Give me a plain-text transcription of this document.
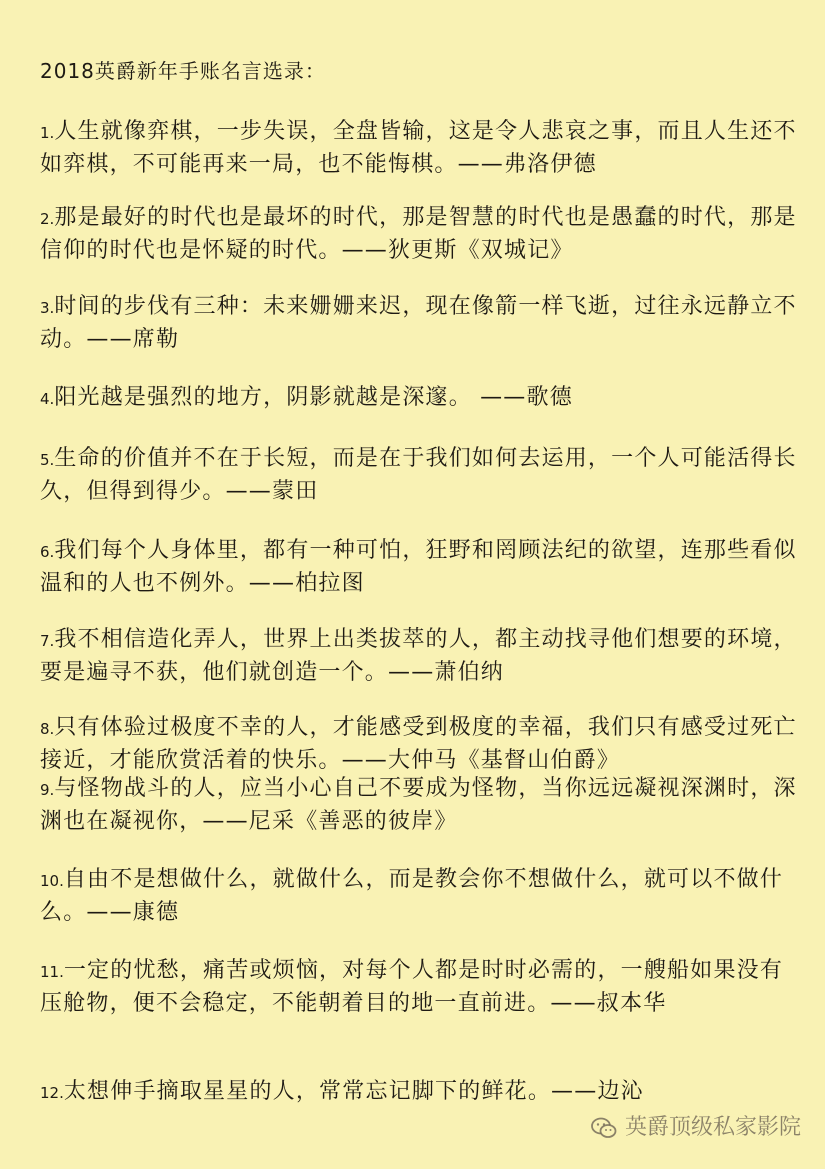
2018英爵新年手账名言选录：
1.人生就像弈棋，一步失误，全盘皆输，这是令人悲哀之事，而且人生还不如弈棋，不可能再来一局，也不能悔棋。——弗洛伊德
2.那是最好的时代也是最坏的时代，那是智慧的时代也是愚蠢的时代，那是信仰的时代也是怀疑的时代。——狄更斯《双城记》
3.时间的步伐有三种：未来姗姗来迟，现在像箭一样飞逝，过往永远静立不动。——席勒
4.阳光越是强烈的地方，阴影就越是深邃。 ——歌德
5.生命的价值并不在于长短，而是在于我们如何去运用，一个人可能活得长久，但得到得少。——蒙田
6.我们每个人身体里，都有一种可怕，狂野和罔顾法纪的欲望，连那些看似温和的人也不例外。——柏拉图
7.我不相信造化弄人，世界上出类拔萃的人，都主动找寻他们想要的环境，要是遍寻不获，他们就创造一个。——萧伯纳
8.只有体验过极度不幸的人，才能感受到极度的幸福，我们只有感受过死亡接近，才能欣赏活着的快乐。——大仲马《基督山伯爵》
9.与怪物战斗的人，应当小心自己不要成为怪物，当你远远凝视深渊时，深渊也在凝视你，——尼采《善恶的彼岸》
10.自由不是想做什么，就做什么，而是教会你不想做什么，就可以不做什么。——康德
11.一定的忧愁，痛苦或烦恼，对每个人都是时时必需的，一艘船如果没有压舱物，便不会稳定，不能朝着目的地一直前进。——叔本华
12.太想伸手摘取星星的人，常常忘记脚下的鲜花。——边沁
英爵顶级私家影院
